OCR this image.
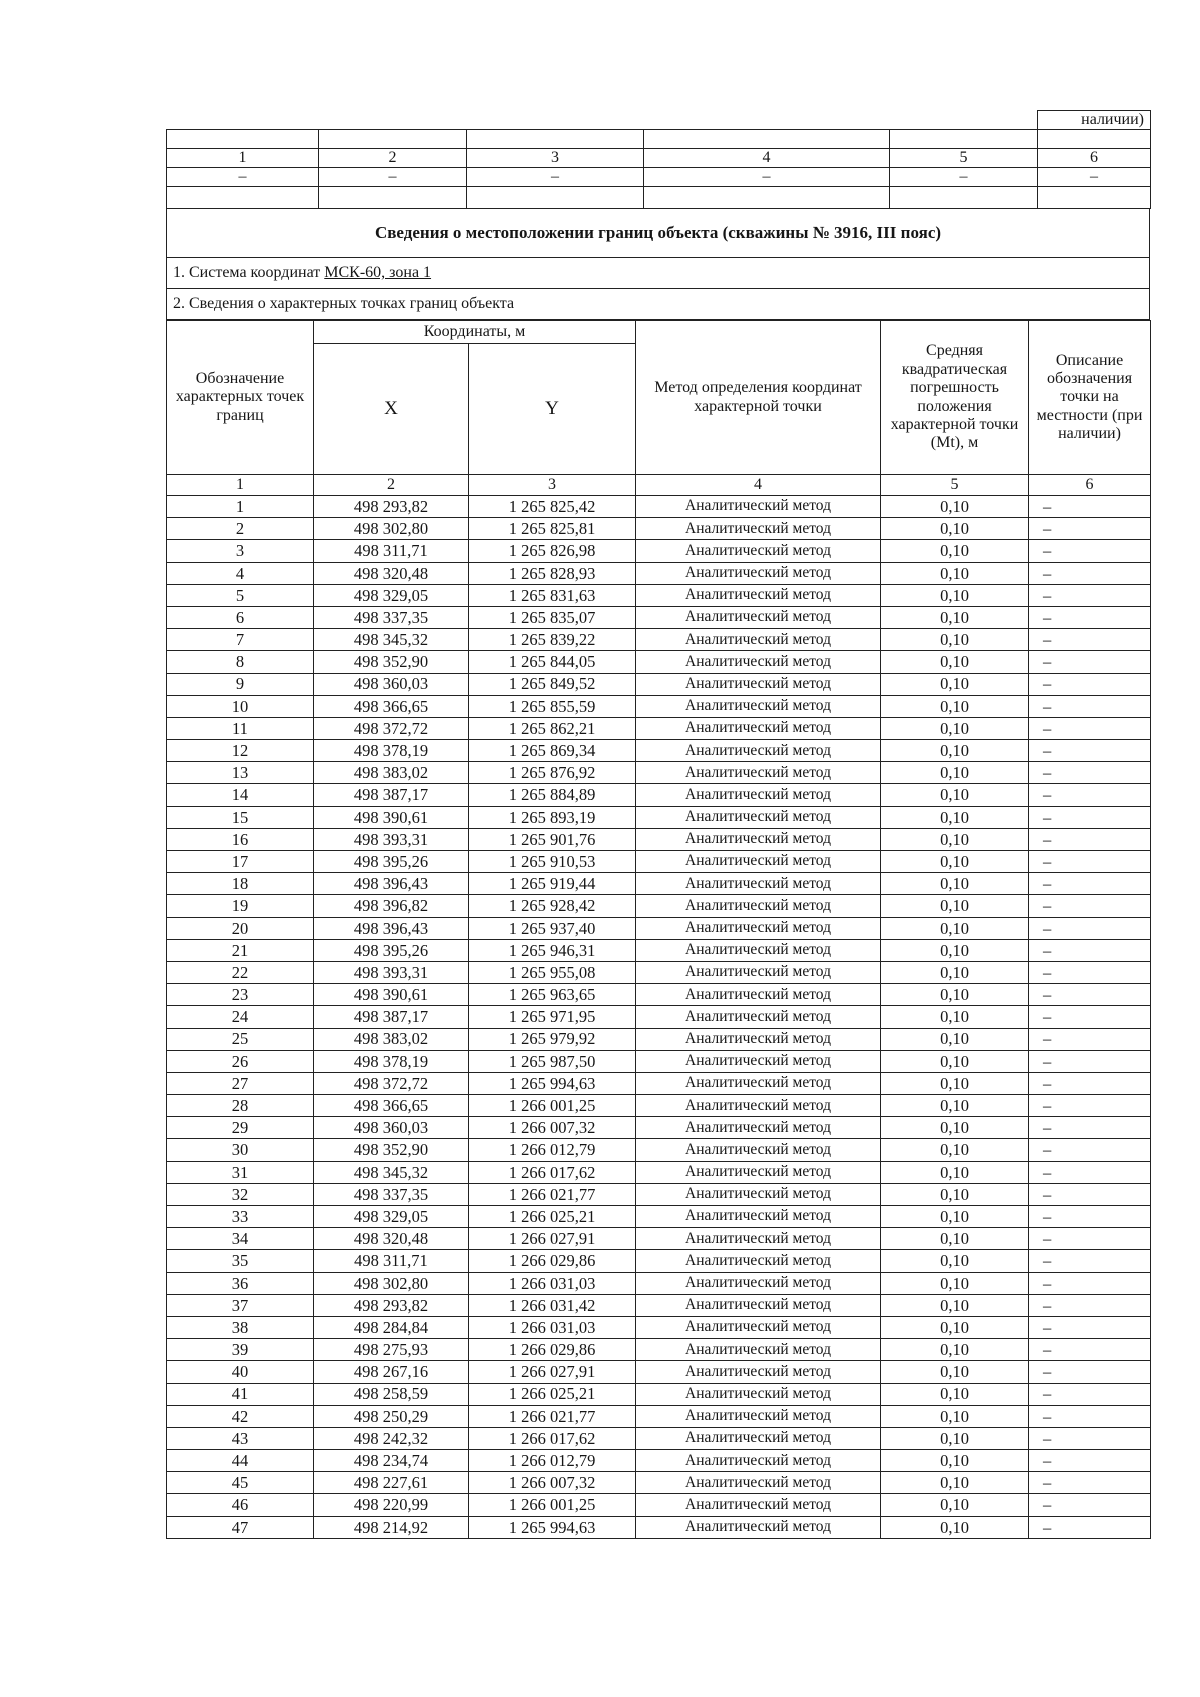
					наличии)

1	2	3	4	5	6
–	–	–	–	–	–

Сведения о местоположении границ объекта (скважины № 3916, III пояс)
1. Система координат
МСК-60, зона 1
2. Сведения о характерных точках границ объекта
Обозначение характерных точек границ	Координаты, м		Метод определения координат характерной точки	Средняя квадратическая погрешность положения характерной точки (Mt), м	Описание обозначения точки на местности (при наличии)
	X	Y			
1	2	3	4	5	6
1	498 293,82	1 265 825,42	Аналитический метод	0,10	–
2	498 302,80	1 265 825,81	Аналитический метод	0,10	–
3	498 311,71	1 265 826,98	Аналитический метод	0,10	–
4	498 320,48	1 265 828,93	Аналитический метод	0,10	–
5	498 329,05	1 265 831,63	Аналитический метод	0,10	–
6	498 337,35	1 265 835,07	Аналитический метод	0,10	–
7	498 345,32	1 265 839,22	Аналитический метод	0,10	–
8	498 352,90	1 265 844,05	Аналитический метод	0,10	–
9	498 360,03	1 265 849,52	Аналитический метод	0,10	–
10	498 366,65	1 265 855,59	Аналитический метод	0,10	–
11	498 372,72	1 265 862,21	Аналитический метод	0,10	–
12	498 378,19	1 265 869,34	Аналитический метод	0,10	–
13	498 383,02	1 265 876,92	Аналитический метод	0,10	–
14	498 387,17	1 265 884,89	Аналитический метод	0,10	–
15	498 390,61	1 265 893,19	Аналитический метод	0,10	–
16	498 393,31	1 265 901,76	Аналитический метод	0,10	–
17	498 395,26	1 265 910,53	Аналитический метод	0,10	–
18	498 396,43	1 265 919,44	Аналитический метод	0,10	–
19	498 396,82	1 265 928,42	Аналитический метод	0,10	–
20	498 396,43	1 265 937,40	Аналитический метод	0,10	–
21	498 395,26	1 265 946,31	Аналитический метод	0,10	–
22	498 393,31	1 265 955,08	Аналитический метод	0,10	–
23	498 390,61	1 265 963,65	Аналитический метод	0,10	–
24	498 387,17	1 265 971,95	Аналитический метод	0,10	–
25	498 383,02	1 265 979,92	Аналитический метод	0,10	–
26	498 378,19	1 265 987,50	Аналитический метод	0,10	–
27	498 372,72	1 265 994,63	Аналитический метод	0,10	–
28	498 366,65	1 266 001,25	Аналитический метод	0,10	–
29	498 360,03	1 266 007,32	Аналитический метод	0,10	–
30	498 352,90	1 266 012,79	Аналитический метод	0,10	–
31	498 345,32	1 266 017,62	Аналитический метод	0,10	–
32	498 337,35	1 266 021,77	Аналитический метод	0,10	–
33	498 329,05	1 266 025,21	Аналитический метод	0,10	–
34	498 320,48	1 266 027,91	Аналитический метод	0,10	–
35	498 311,71	1 266 029,86	Аналитический метод	0,10	–
36	498 302,80	1 266 031,03	Аналитический метод	0,10	–
37	498 293,82	1 266 031,42	Аналитический метод	0,10	–
38	498 284,84	1 266 031,03	Аналитический метод	0,10	–
39	498 275,93	1 266 029,86	Аналитический метод	0,10	–
40	498 267,16	1 266 027,91	Аналитический метод	0,10	–
41	498 258,59	1 266 025,21	Аналитический метод	0,10	–
42	498 250,29	1 266 021,77	Аналитический метод	0,10	–
43	498 242,32	1 266 017,62	Аналитический метод	0,10	–
44	498 234,74	1 266 012,79	Аналитический метод	0,10	–
45	498 227,61	1 266 007,32	Аналитический метод	0,10	–
46	498 220,99	1 266 001,25	Аналитический метод	0,10	–
47	498 214,92	1 265 994,63	Аналитический метод	0,10	–
